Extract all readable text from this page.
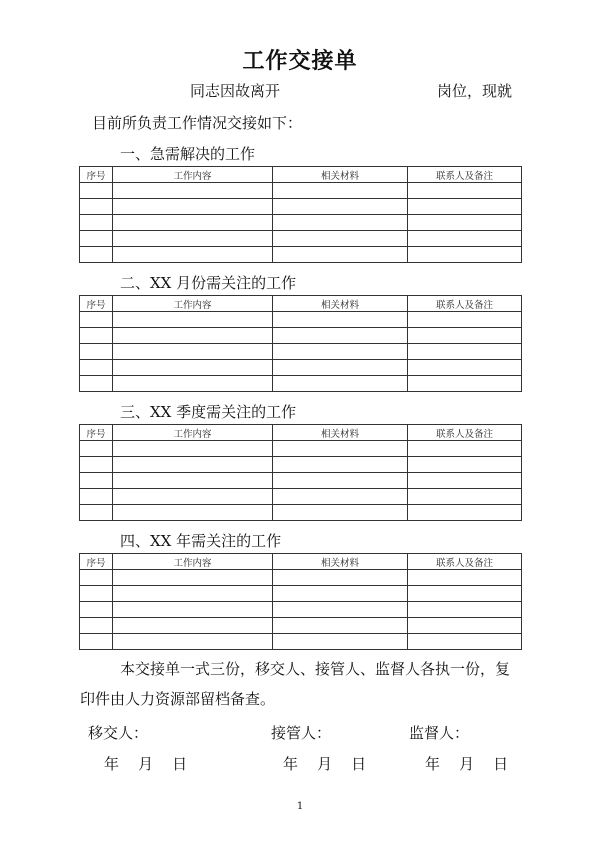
工作交接单
同志因故离开	岗位，现就
目前所负责工作情况交接如下：
一、急需解决的工作
序号	工作内容	相关材料	联系人及备注

二、XX 月份需关注的工作
序号	工作内容	相关材料	联系人及备注

三、XX 季度需关注的工作
序号	工作内容	相关材料	联系人及备注

四、XX 年需关注的工作
序号	工作内容	相关材料	联系人及备注

本交接单一式三份，移交人、接管人、监督人各执一份，复
印件由人力资源部留档备查。
移交人：	接管人：	监督人：
年    月    日	年    月    日	年    月    日
1
